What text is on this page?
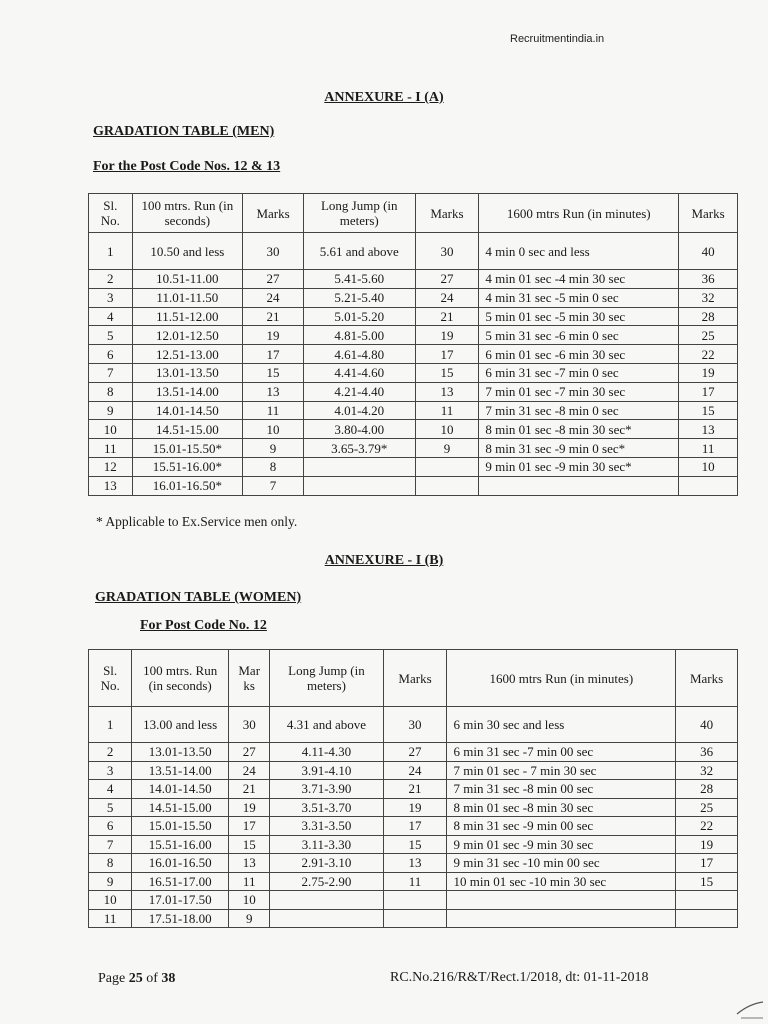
Recruitmentindia.in
ANNEXURE - I (A)
GRADATION TABLE (MEN)
For the Post Code Nos. 12 & 13
Sl. No.	100 mtrs. Run (in seconds)	Marks	Long Jump (in meters)	Marks	1600 mtrs Run (in minutes)	Marks
1	10.50 and less	30	5.61 and above	30	4 min 0 sec and less	40
2	10.51-11.00	27	5.41-5.60	27	4 min 01 sec -4 min 30 sec	36
3	11.01-11.50	24	5.21-5.40	24	4 min 31 sec -5 min 0 sec	32
4	11.51-12.00	21	5.01-5.20	21	5 min 01 sec -5 min 30 sec	28
5	12.01-12.50	19	4.81-5.00	19	5 min 31 sec -6 min 0 sec	25
6	12.51-13.00	17	4.61-4.80	17	6 min 01 sec -6 min 30 sec	22
7	13.01-13.50	15	4.41-4.60	15	6 min 31 sec -7 min 0 sec	19
8	13.51-14.00	13	4.21-4.40	13	7 min 01 sec -7 min 30 sec	17
9	14.01-14.50	11	4.01-4.20	11	7 min 31 sec -8 min 0 sec	15
10	14.51-15.00	10	3.80-4.00	10	8 min 01 sec -8 min 30 sec*	13
11	15.01-15.50*	9	3.65-3.79*	9	8 min 31 sec -9 min 0 sec*	11
12	15.51-16.00*	8			9 min 01 sec -9 min 30 sec*	10
13	16.01-16.50*	7				
* Applicable to Ex.Service men only.
ANNEXURE - I (B)
GRADATION TABLE (WOMEN)
For Post Code No. 12
Sl. No.	100 mtrs. Run (in seconds)	Mar ks	Long Jump (in meters)	Marks	1600 mtrs Run (in minutes)	Marks
1	13.00 and less	30	4.31 and above	30	6 min 30 sec and less	40
2	13.01-13.50	27	4.11-4.30	27	6 min 31 sec -7 min 00 sec	36
3	13.51-14.00	24	3.91-4.10	24	7 min 01 sec - 7 min 30 sec	32
4	14.01-14.50	21	3.71-3.90	21	7 min 31 sec -8 min 00 sec	28
5	14.51-15.00	19	3.51-3.70	19	8 min 01 sec -8 min 30 sec	25
6	15.01-15.50	17	3.31-3.50	17	8 min 31 sec -9 min 00 sec	22
7	15.51-16.00	15	3.11-3.30	15	9 min 01 sec -9 min 30 sec	19
8	16.01-16.50	13	2.91-3.10	13	9 min 31 sec -10 min 00 sec	17
9	16.51-17.00	11	2.75-2.90	11	10 min 01 sec -10 min 30 sec	15
10	17.01-17.50	10				
11	17.51-18.00	9				
Page 25 of 38	RC.No.216/R&T/Rect.1/2018, dt: 01-11-2018
